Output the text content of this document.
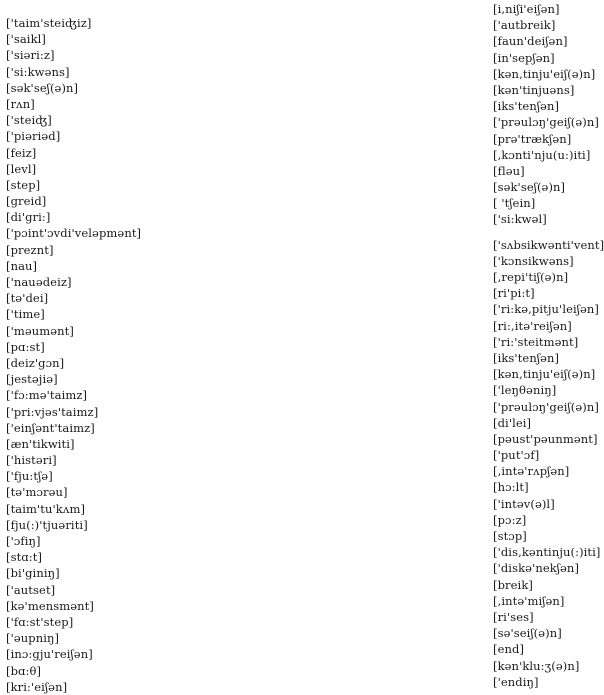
['taim'steiʤiz]
['saikl]
['siəri:z]
['si:kwəns]
[sək'seʃ(ə)n]
[rʌn]
['steiʤ]
['piəriəd]
[feiz]
[levl]
[step]
[greid]
[di'gri:]
['pɔint'ɔvdi'veləpmənt]
[preznt]
[nau]
['nauədeiz]
[tə'dei]
['time]
['məumənt]
[pɑ:st]
[deiz'gɔn]
[jestəjiə]
['fɔ:mə'taimz]
['pri:vjəs'taimz]
['einʃənt'taimz]
[æn'tikwiti]
['histəri]
['fju:tʃə]
[tə'mɔrəu]
[taim'tu'kʌm]
[fju(:)'tjuəriti]
['ɔfiŋ]
[stɑ:t]
[bi'giniŋ]
['autset]
[kə'mensmənt]
['fɑ:st'step]
['əupniŋ]
[inɔ:gju'reiʃən]
[bɑ:θ]
[kri:'eiʃən]
[i,niʃi'eiʃən]
['autbreik]
[faun'deiʃən]
[in'sepʃən]
[kən,tinju'eiʃ(ə)n]
[kən'tinjuəns]
[iks'tenʃən]
['prəulɔŋ'geiʃ(ə)n]
[prə'trækʃən]
[,kɔnti'nju(u:)iti]
[fləu]
[sək'seʃ(ə)n]
[ 'tʃein]
['si:kwəl]
['sʌbsikwənti'vent]
['kɔnsikwəns]
[,repi'tiʃ(ə)n]
[ri'pi:t]
['ri:kə,pitju'leiʃən]
[ri:,itə'reiʃən]
['ri:'steitmənt]
[iks'tenʃən]
[kən,tinju'eiʃ(ə)n]
['leŋθəniŋ]
['prəulɔŋ'geiʃ(ə)n]
[di'lei]
[pəust'pəunmənt]
['put'ɔf]
[,intə'rʌpʃən]
[hɔ:lt]
['intəv(ə)l]
[pɔ:z]
[stɔp]
['dis,kəntinju(:)iti]
['diskə'nekʃən]
[breik]
[,intə'miʃən]
[ri'ses]
[sə'seiʃ(ə)n]
[end]
[kən'klu:ʒ(ə)n]
['endiŋ]
